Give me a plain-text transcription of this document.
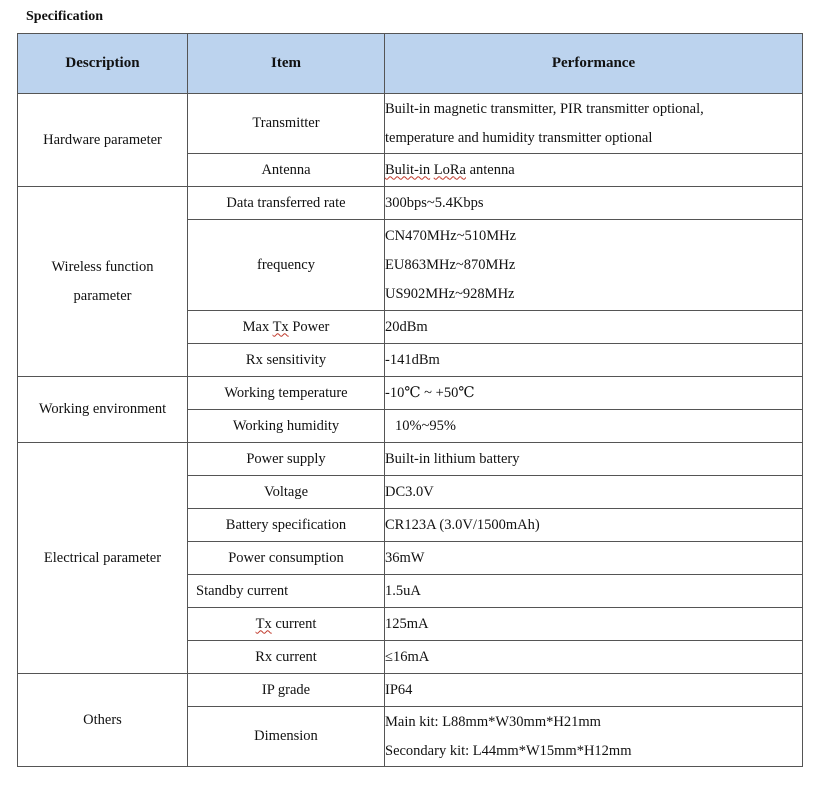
Specification
Description	Item	Performance
Hardware parameter	Transmitter	Built-in magnetic transmitter, PIR transmitter optional,
temperature and humidity transmitter optional

	Antenna	Bulit-in LoRa antenna

Wireless function
parameter	Data transferred rate	300bps~5.4Kbps
	frequency	CN470MHz~510MHz
EU863MHz~870MHz
US902MHz~928MHz

	Max Tx Power	20dBm
	Rx sensitivity	-141dBm
Working environment	Working temperature	-10℃ ~ +50℃
	Working humidity	10%~95%
Electrical parameter	Power supply	Built-in lithium battery
	Voltage	DC3.0V
	Battery specification	CR123A (3.0V/1500mAh)
	Power consumption	36mW
	Standby current	1.5uA
	Tx current	125mA
	Rx current	≤16mA
Others	IP grade	IP64
	Dimension	Main kit: L88mm*W30mm*H21mm
Secondary kit: L44mm*W15mm*H12mm
